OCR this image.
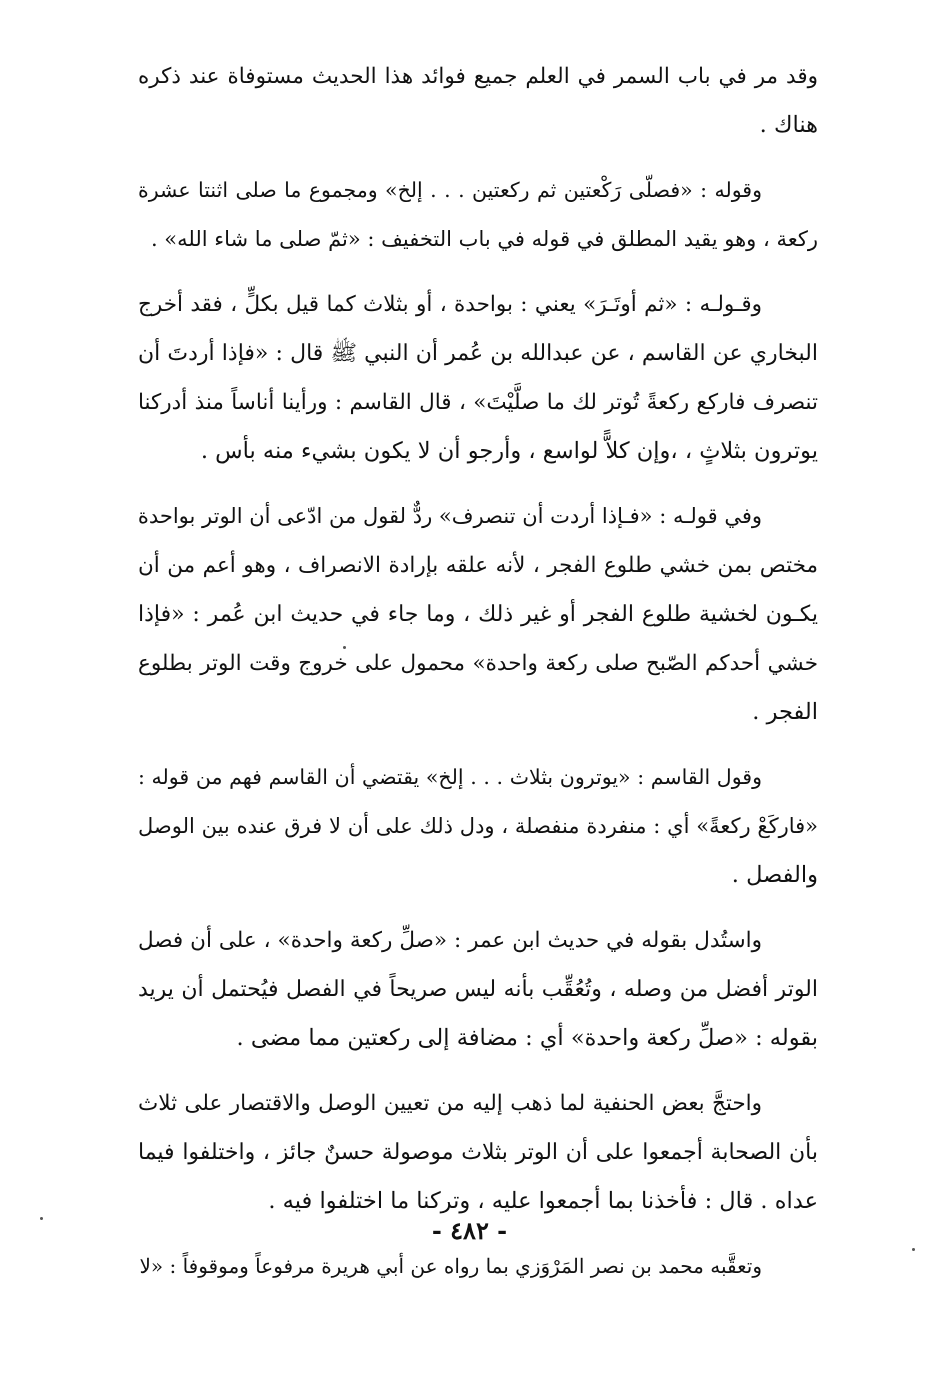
وقد مر في باب السمر في العلم جميع فوائد هذا الحديث مستوفاة عند ذكره
هناك .

وقوله : «فصلّى رَكْعتين ثم ركعتين . . . إلخ» ومجموع ما صلى اثنتا عشرة
ركعة ، وهو يقيد المطلق في قوله في باب التخفيف : «ثمّ صلى ما شاء الله» .

وقـولـه : «ثم أوتَـرَ» يعني : بواحدة ، أو بثلاث كما قيل بكلٍّ ، فقد أخرج
البخاري عن القاسم ، عن عبدالله بن عُمر أن النبي ﷺ قال : «فإذا أردتَ أن
تنصرف فاركع ركعةً تُوتر لك ما صلَّيْتَ» ، قال القاسم : ورأينا أناساً منذ أدركنا
يوترون بثلاثٍ ، ،وإن كلاًّ لواسع ، وأرجو أن لا يكون بشيء منه بأس .

وفي قولـه : «فـإذا أردت أن تنصرف» ردٌّ لقول من ادّعى أن الوتر بواحدة
مختص بمن خشي طلوع الفجر ، لأنه علقه بإرادة الانصراف ، وهو أعم من أن
يكـون لخشية طلوع الفجر أو غير ذلك ، وما جاء في حديث ابن عُمر : «فإذا
خشي أحدكم الصّبح صلى ركعة واحدة» محمول على خروج وقت الوتر بطلوع
الفجر .

وقول القاسم : «يوترون بثلاث . . . إلخ» يقتضي أن القاسم فهم من قوله :
«فاركَعْ ركعةً» أي : منفردة منفصلة ، ودل ذلك على أن لا فرق عنده بين الوصل
والفصل .

واستُدل بقوله في حديث ابن عمر : «صلِّ ركعة واحدة» ، على أن فصل
الوتر أفضل من وصله ، وتُعُقِّب بأنه ليس صريحاً في الفصل فيُحتمل أن يريد
بقوله : «صلِّ ركعة واحدة» أي : مضافة إلى ركعتين مما مضى .

واحتجَّ بعض الحنفية لما ذهب إليه من تعيين الوصل والاقتصار على ثلاث
بأن الصحابة أجمعوا على أن الوتر بثلاث موصولة حسنٌ جائز ، واختلفوا فيما
عداه . قال : فأخذنا بما أجمعوا عليه ، وتركنا ما اختلفوا فيه .

وتعقَّبه محمد بن نصر المَرْوَزي بما رواه عن أبي هريرة مرفوعاً وموقوفاً : «لا

- ٤٨٢ -
